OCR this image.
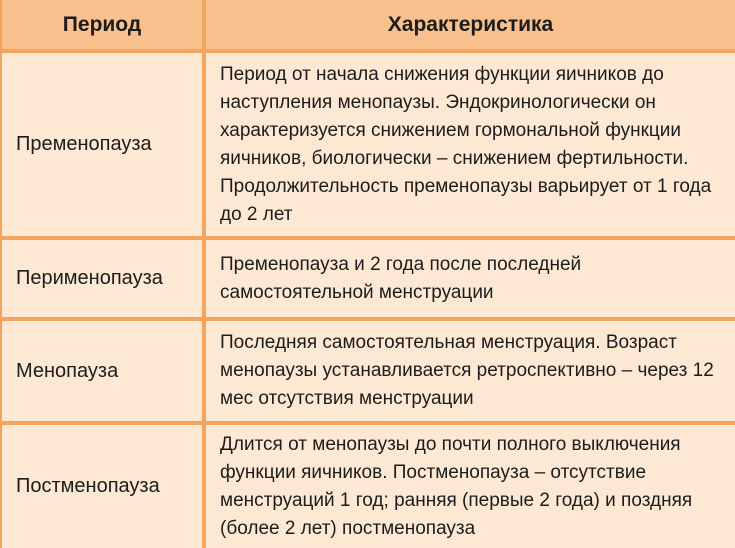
Период	Характеристика
Пременопауза
Период от начала снижения функции яичников до наступления менопаузы. Эндокринологически он характеризуется снижением гормональной функции яичников, биологически – снижением фертильности. Продолжительность пременопаузы варьирует от 1 года до 2 лет
Перименопауза
Пременопауза и 2 года после последней самостоятельной менструации
Менопауза
Последняя самостоятельная менструация. Возраст менопаузы устанавливается ретроспективно – через 12 мес отсутствия менструации
Постменопауза
Длится от менопаузы до почти полного выключения функции яичников. Постменопауза – отсутствие менструаций 1 год; ранняя (первые 2 года) и поздняя (более 2 лет) постменопауза
